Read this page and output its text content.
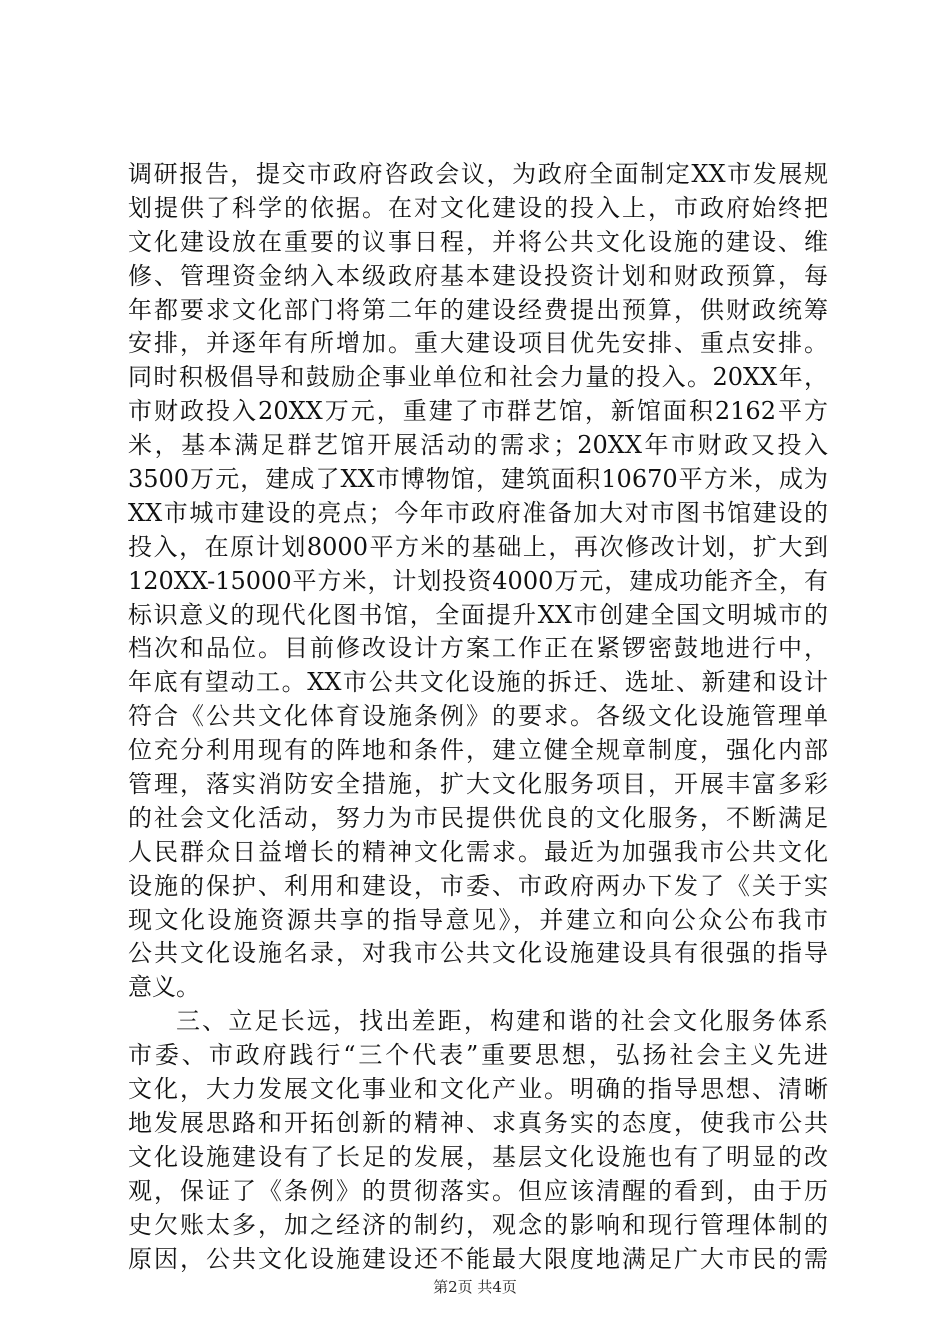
调研报告，提交市政府咨政会议，为政府全面制定XX市发展规
划提供了科学的依据。在对文化建设的投入上，市政府始终把
文化建设放在重要的议事日程，并将公共文化设施的建设、维
修、管理资金纳入本级政府基本建设投资计划和财政预算，每
年都要求文化部门将第二年的建设经费提出预算，供财政统筹
安排，并逐年有所增加。重大建设项目优先安排、重点安排。
同时积极倡导和鼓励企事业单位和社会力量的投入。20XX年，
市财政投入20XX万元，重建了市群艺馆，新馆面积2162平方
米，基本满足群艺馆开展活动的需求；20XX年市财政又投入
3500万元，建成了XX市博物馆，建筑面积10670平方米，成为
XX市城市建设的亮点；今年市政府准备加大对市图书馆建设的
投入，在原计划8000平方米的基础上，再次修改计划，扩大到
120XX-15000平方米，计划投资4000万元，建成功能齐全，有
标识意义的现代化图书馆，全面提升XX市创建全国文明城市的
档次和品位。目前修改设计方案工作正在紧锣密鼓地进行中，
年底有望动工。XX市公共文化设施的拆迁、选址、新建和设计
符合《公共文化体育设施条例》的要求。各级文化设施管理单
位充分利用现有的阵地和条件，建立健全规章制度，强化内部
管理，落实消防安全措施，扩大文化服务项目，开展丰富多彩
的社会文化活动，努力为市民提供优良的文化服务，不断满足
人民群众日益增长的精神文化需求。最近为加强我市公共文化
设施的保护、利用和建设，市委、市政府两办下发了《关于实
现文化设施资源共享的指导意见》，并建立和向公众公布我市
公共文化设施名录，对我市公共文化设施建设具有很强的指导
意义。
三、立足长远，找出差距，构建和谐的社会文化服务体系
市委、市政府践行“三个代表”重要思想，弘扬社会主义先进
文化，大力发展文化事业和文化产业。明确的指导思想、清晰
地发展思路和开拓创新的精神、求真务实的态度，使我市公共
文化设施建设有了长足的发展，基层文化设施也有了明显的改
观，保证了《条例》的贯彻落实。但应该清醒的看到，由于历
史欠账太多，加之经济的制约，观念的影响和现行管理体制的
原因，公共文化设施建设还不能最大限度地满足广大市民的需
第2页 共4页
